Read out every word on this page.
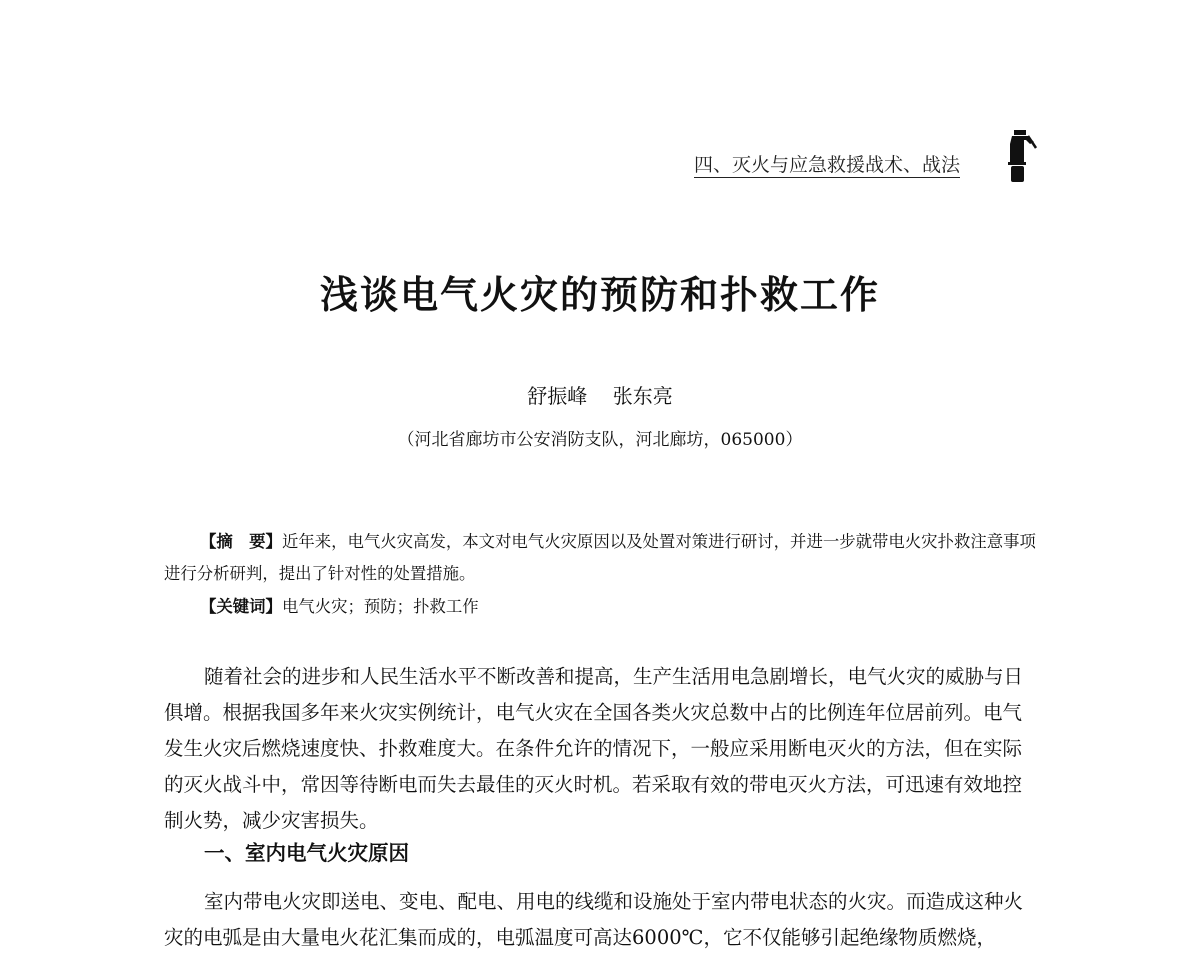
四、灭火与应急救援战术、战法
浅谈电气火灾的预防和扑救工作
舒振峰    张东亮
（河北省廊坊市公安消防支队，河北廊坊，065000）

【摘　要】近年来，电气火灾高发，本文对电气火灾原因以及处置对策进行研讨，并进一步就带电火灾扑救注意事项进行分析研判，提出了针对性的处置措施。

【关键词】电气火灾；预防；扑救工作

随着社会的进步和人民生活水平不断改善和提高，生产生活用电急剧增长，电气火灾的威胁与日俱增。根据我国多年来火灾实例统计，电气火灾在全国各类火灾总数中占的比例连年位居前列。电气发生火灾后燃烧速度快、扑救难度大。在条件允许的情况下，一般应采用断电灭火的方法，但在实际的灭火战斗中，常因等待断电而失去最佳的灭火时机。若采取有效的带电灭火方法，可迅速有效地控制火势，减少灾害损失。

一、室内电气火灾原因

室内带电火灾即送电、变电、配电、用电的线缆和设施处于室内带电状态的火灾。而造成这种火灾的电弧是由大量电火花汇集而成的，电弧温度可高达6000℃，它不仅能够引起绝缘物质燃烧，
